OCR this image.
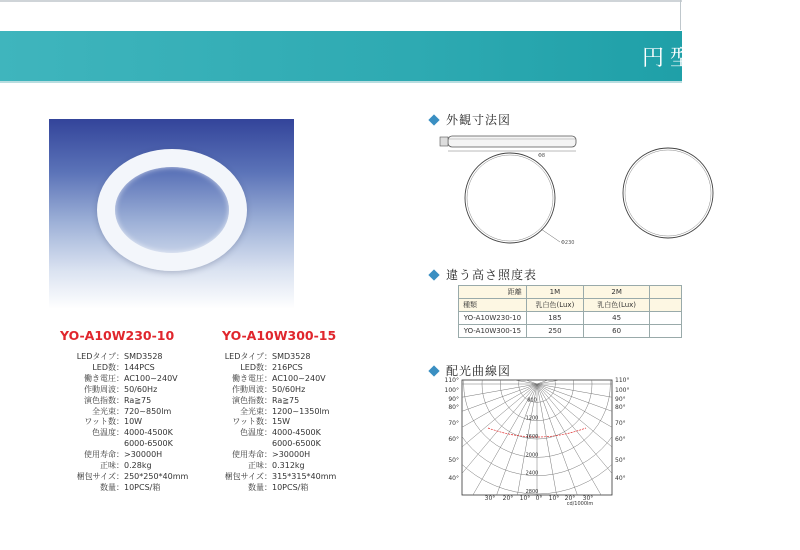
円型
YO-A10W230-10
LEDタイプ： SMD3528
LED数： 144PCS
働き電圧： AC100~240V
作動周波： 50/60Hz
演色指数： Ra≧75
全光束： 720~850lm
ワット数： 10W
色温度： 4000-4500K
6000-6500K
使用寿命： >30000H
正味： 0.28kg
梱包サイズ： 250*250*40mm
数量： 10PCS/箱
YO-A10W300-15
LEDタイプ： SMD3528
LED数： 216PCS
働き電圧： AC100~240V
作動周波： 50/60Hz
演色指数： Ra≧75
全光束： 1200~1350lm
ワット数： 15W
色温度： 4000-4500K
6000-6500K
使用寿命： >30000H
正味： 0.312kg
梱包サイズ： 315*315*40mm
数量： 10PCS/箱
外観寸法図
Φ8
Φ230
違う高さ照度表
距離	1M	2M	
種類	乳白色(Lux)	乳白色(Lux)	
YO-A10W230-10	185	45	
YO-A10W300-15	250	60	
配光曲線図
800
1200
1600
2000
2400
2800
110°
100°
90°
80°
70°
60°
50°
40°
110°
100°
90°
80°
70°
60°
50°
40°
30° 20° 10° 0° 10° 20° 30°
cd/1000lm
